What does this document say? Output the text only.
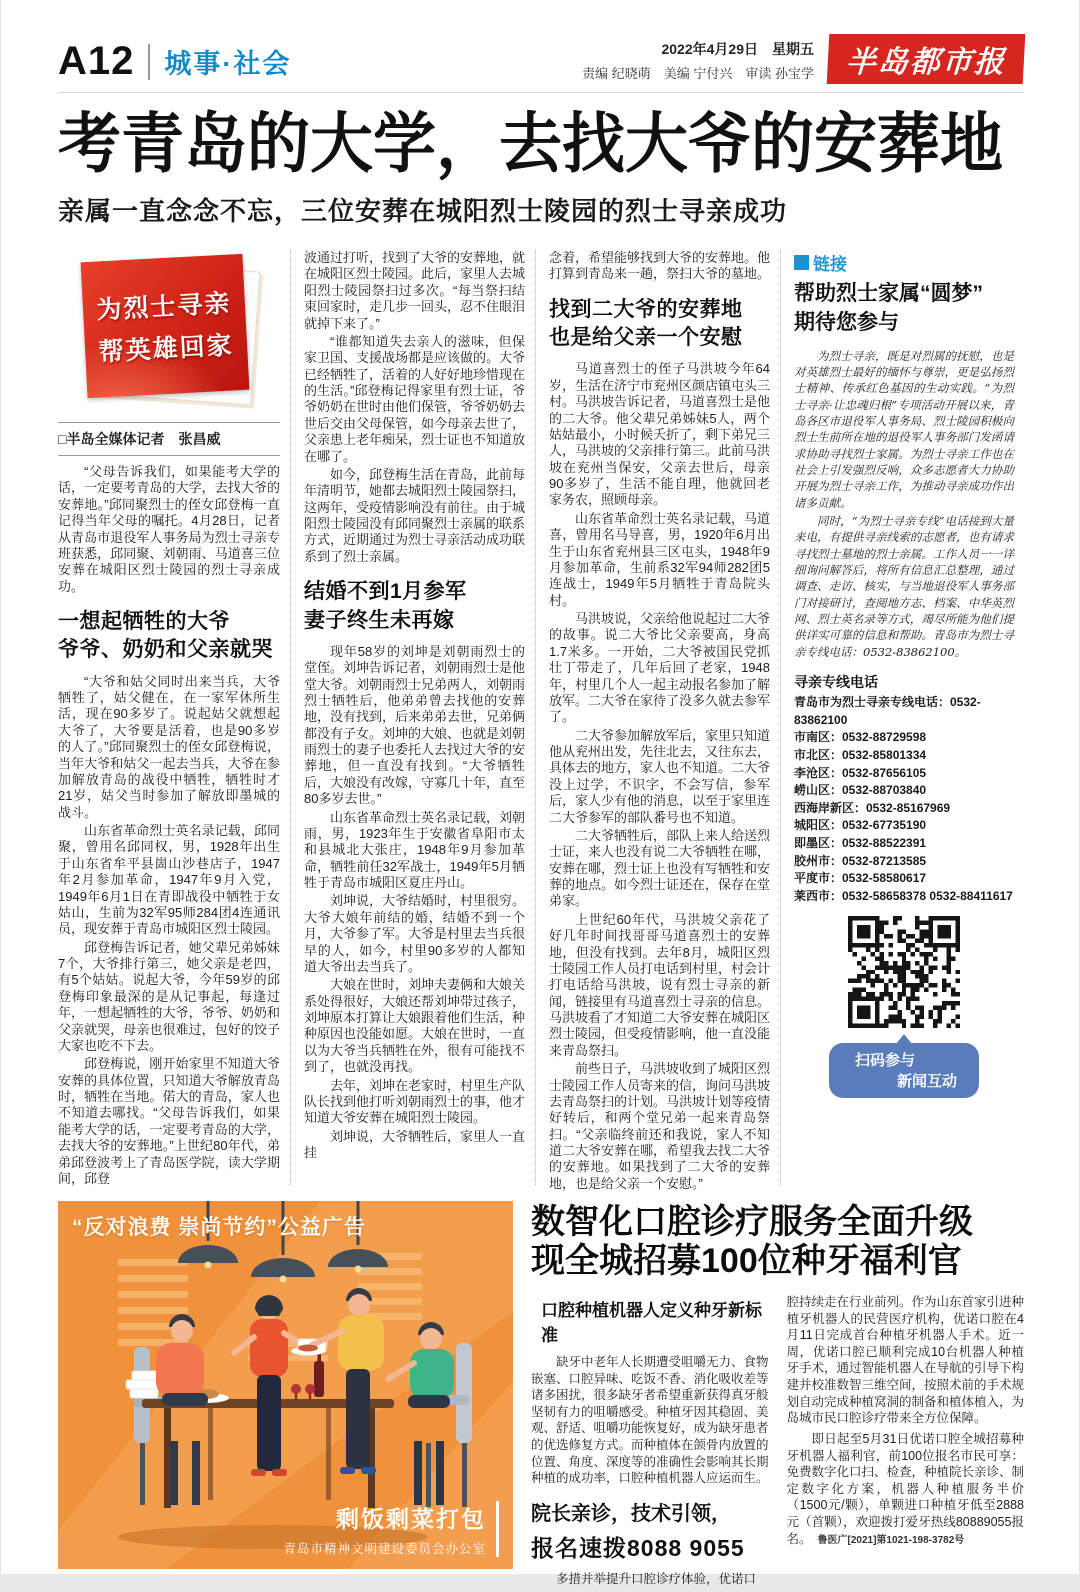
A12 城事·社会	2022年4月29日　星期五
责编 纪晓萌　美编 宁付兴　审读 孙宝学	半岛都市报
考青岛的大学，去找大爷的安葬地
亲属一直念念不忘，三位安葬在城阳烈士陵园的烈士寻亲成功
为烈士寻亲
帮英雄回家
□半岛全媒体记者　张昌威

“父母告诉我们，如果能考大学的话，一定要考青岛的大学，去找大爷的安葬地。”邱同聚烈士的侄女邱登梅一直记得当年父母的嘱托。4月28日，记者从青岛市退役军人事务局为烈士寻亲专班获悉，邱同聚、刘朝雨、马道喜三位安葬在城阳区烈士陵园的烈士寻亲成功。

一想起牺牲的大爷
爷爷、奶奶和父亲就哭

“大爷和姑父同时出来当兵，大爷牺牲了，姑父健在，在一家军休所生活，现在90多岁了。说起姑父就想起大爷了，大爷要是活着，也是90多岁的人了。”邱同聚烈士的侄女邱登梅说，当年大爷和姑父一起去当兵，大爷在参加解放青岛的战役中牺牲，牺牲时才21岁，姑父当时参加了解放即墨城的战斗。

山东省革命烈士英名录记载，邱同聚，曾用名邱同权，男，1928年出生于山东省牟平县崮山沙巷店子，1947年2月参加革命，1947年9月入党，1949年6月1日在青即战役中牺牲于女姑山，生前为32军95师284团4连通讯员，现安葬于青岛市城阳区烈士陵园。

邱登梅告诉记者，她父辈兄弟姊妹7个，大爷排行第三，她父亲是老四，有5个姑姑。说起大爷，今年59岁的邱登梅印象最深的是从记事起，每逢过年，一想起牺牲的大爷，爷爷、奶奶和父亲就哭，母亲也很难过，包好的饺子大家也吃不下去。

邱登梅说，刚开始家里不知道大爷安葬的具体位置，只知道大爷解放青岛时，牺牲在当地。偌大的青岛，家人也不知道去哪找。“父母告诉我们，如果能考大学的话，一定要考青岛的大学，去找大爷的安葬地。”上世纪80年代，弟弟邱登波考上了青岛医学院，读大学期间，邱登

波通过打听，找到了大爷的安葬地，就在城阳区烈士陵园。此后，家里人去城阳烈士陵园祭扫过多次。“每当祭扫结束回家时，走几步一回头，忍不住眼泪就掉下来了。”

“谁都知道失去亲人的滋味，但保家卫国、支援战场都是应该做的。大爷已经牺牲了，活着的人好好地珍惜现在的生活。”邱登梅记得家里有烈士证，爷爷奶奶在世时由他们保管，爷爷奶奶去世后交由父母保管，如今母亲去世了，父亲患上老年痴呆，烈士证也不知道放在哪了。

如今，邱登梅生活在青岛，此前每年清明节，她都去城阳烈士陵园祭扫，这两年，受疫情影响没有前往。由于城阳烈士陵园没有邱同聚烈士亲属的联系方式，近期通过为烈士寻亲活动成功联系到了烈士亲属。

结婚不到1月参军
妻子终生未再嫁

现年58岁的刘坤是刘朝雨烈士的堂侄。刘坤告诉记者，刘朝雨烈士是他堂大爷。刘朝雨烈士兄弟两人，刘朝雨烈士牺牲后，他弟弟曾去找他的安葬地，没有找到，后来弟弟去世，兄弟俩都没有子女。刘坤的大娘、也就是刘朝雨烈士的妻子也委托人去找过大爷的安葬地，但一直没有找到。“大爷牺牲后，大娘没有改嫁，守寡几十年，直至80多岁去世。”

山东省革命烈士英名录记载，刘朝雨，男，1923年生于安徽省阜阳市太和县城北大张庄，1948年9月参加革命，牺牲前任32军战士，1949年5月牺牲于青岛市城阳区夏庄丹山。

刘坤说，大爷结婚时，村里很穷。大爷大娘年前结的婚，结婚不到一个月，大爷参了军。大爷是村里去当兵很早的人，如今，村里90多岁的人都知道大爷出去当兵了。

大娘在世时，刘坤夫妻俩和大娘关系处得很好，大娘还帮刘坤带过孩子，刘坤原本打算让大娘跟着他们生活，种种原因也没能如愿。大娘在世时，一直以为大爷当兵牺牲在外，很有可能找不到了，也就没再找。

去年，刘坤在老家时，村里生产队队长找到他打听刘朝雨烈士的事，他才知道大爷安葬在城阳烈士陵园。

刘坤说，大爷牺牲后，家里人一直挂

念着，希望能够找到大爷的安葬地。他打算到青岛来一趟，祭扫大爷的墓地。

找到二大爷的安葬地
也是给父亲一个安慰

马道喜烈士的侄子马洪坡今年64岁，生活在济宁市兖州区颜店镇屯头三村。马洪坡告诉记者，马道喜烈士是他的二大爷。他父辈兄弟姊妹5人，两个姑姑最小，小时候夭折了，剩下弟兄三人，马洪坡的父亲排行第三。此前马洪坡在兖州当保安，父亲去世后，母亲90多岁了，生活不能自理，他就回老家务农，照顾母亲。

山东省革命烈士英名录记载，马道喜，曾用名马导喜，男，1920年6月出生于山东省兖州县三区屯头，1948年9月参加革命，生前系32军94师282团5连战士，1949年5月牺牲于青岛院头村。

马洪坡说，父亲给他说起过二大爷的故事。说二大爷比父亲要高，身高1.7米多。一开始，二大爷被国民党抓壮丁带走了，几年后回了老家，1948年，村里几个人一起主动报名参加了解放军。二大爷在家待了没多久就去参军了。

二大爷参加解放军后，家里只知道他从兖州出发，先往北去，又往东去，具体去的地方，家人也不知道。二大爷没上过学，不识字，不会写信，参军后，家人少有他的消息，以至于家里连二大爷参军的部队番号也不知道。

二大爷牺牲后，部队上来人给送烈士证，来人也没有说二大爷牺牲在哪，安葬在哪，烈士证上也没有写牺牲和安葬的地点。如今烈士证还在，保存在堂弟家。

上世纪60年代，马洪坡父亲花了好几年时间找哥哥马道喜烈士的安葬地，但没有找到。去年8月，城阳区烈士陵园工作人员打电话到村里，村会计打电话给马洪坡，说有烈士寻亲的新闻，链接里有马道喜烈士寻亲的信息。马洪坡看了才知道二大爷安葬在城阳区烈士陵园，但受疫情影响，他一直没能来青岛祭扫。

前些日子，马洪坡收到了城阳区烈士陵园工作人员寄来的信，询问马洪坡去青岛祭扫的计划。马洪坡计划等疫情好转后，和两个堂兄弟一起来青岛祭扫。“父亲临终前还和我说，家人不知道二大爷安葬在哪，希望我去找二大爷的安葬地。如果找到了二大爷的安葬地，也是给父亲一个安慰。”

链接
帮助烈士家属“圆梦”
期待您参与

为烈士寻亲，既是对烈属的抚慰，也是对英雄烈士最好的缅怀与尊崇，更是弘扬烈士精神、传承红色基因的生动实践。“为烈士寻亲·让忠魂归根”专项活动开展以来，青岛各区市退役军人事务局、烈士陵园积极向烈士生前所在地的退役军人事务部门发函请求协助寻找烈士家属。为烈士寻亲工作也在社会上引发强烈反响，众多志愿者大力协助开展为烈士寻亲工作，为推动寻亲成功作出诸多贡献。

同时，“为烈士寻亲专线”电话接到大量来电，有提供寻亲线索的志愿者，也有请求寻找烈士墓地的烈士亲属。工作人员一一详细询问解答后，将所有信息汇总整理，通过调查、走访、核实，与当地退役军人事务部门对接研讨，查阅地方志、档案、中华英烈网、烈士英名录等方式，竭尽所能为他们提供详实可靠的信息和帮助。青岛市为烈士寻亲专线电话：0532-83862100。

寻亲专线电话
青岛市为烈士寻亲专线电话：0532-83862100
市南区：0532-88729598
市北区：0532-85801334
李沧区：0532-87656105
崂山区：0532-88703840
西海岸新区：0532-85167969
城阳区：0532-67735190
即墨区：0532-88522391
胶州市：0532-87213585
平度市：0532-58580617
莱西市：0532-58658378 0532-88411617
扫码参与
新闻互动
“反对浪费 崇尚节约”公益广告
剩饭剩菜打包
青岛市精神文明建设委员会办公室
数智化口腔诊疗服务全面升级
现全城招募100位种牙福利官
口腔种植机器人定义种牙新标准

缺牙中老年人长期遭受咀嚼无力、食物嵌塞、口腔异味、吃饭不香、消化吸收差等诸多困扰，很多缺牙者希望重新获得真牙般坚韧有力的咀嚼感受。种植牙因其稳固、美观、舒适、咀嚼功能恢复好，成为缺牙患者的优选修复方式。而种植体在颌骨内放置的位置、角度、深度等的准确性会影响其长期种植的成功率，口腔种植机器人应运而生。

院长亲诊，技术引领，
报名速拨8088 9055

多措并举提升口腔诊疗体验，优诺口

腔持续走在行业前列。作为山东首家引进种植牙机器人的民营医疗机构，优诺口腔在4月11日完成首台种植牙机器人手术。近一周，优诺口腔已顺利完成10台机器人种植牙手术，通过智能机器人在导航的引导下构建并校准数智三维空间，按照术前的手术规划自动完成种植窝洞的制备和植体植入，为岛城市民口腔诊疗带来全方位保障。

即日起至5月31日优诺口腔全城招募种牙机器人福利官，前100位报名市民可享：免费数字化口扫、检查，种植院长亲诊、制定数字化方案，机器人种植服务半价（1500元/颗），单颗进口种植牙低至2888元（首颗），欢迎拨打爱牙热线80889055报名。 鲁医广[2021]第1021-198-3782号
